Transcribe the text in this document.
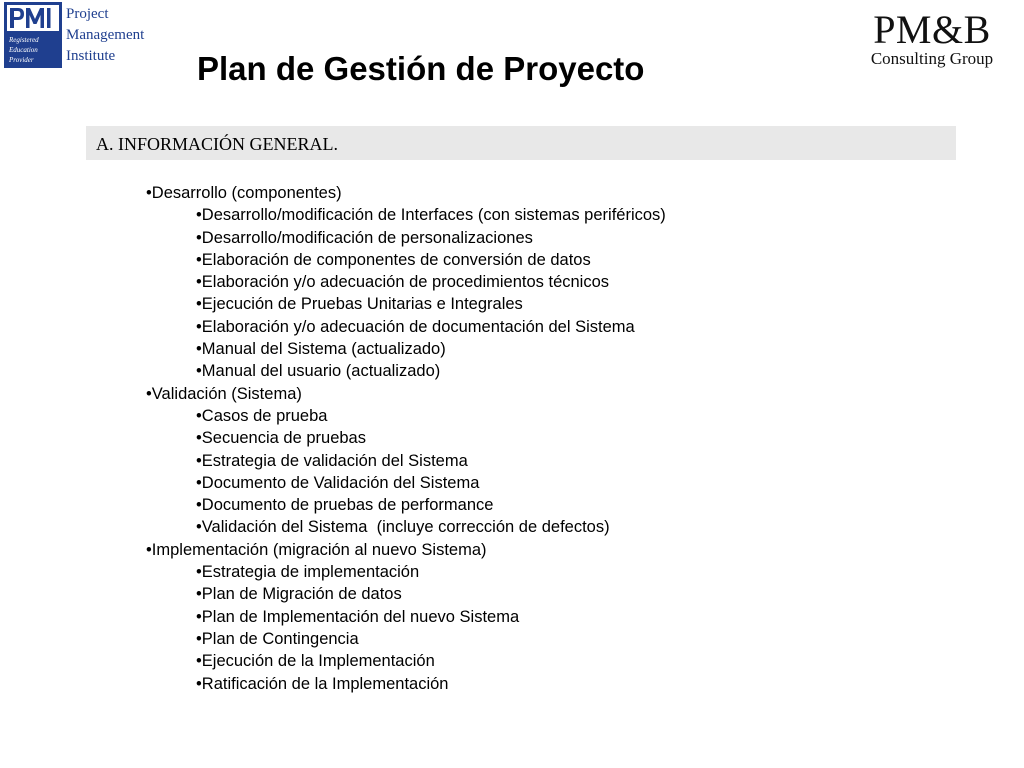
Registered
Education
Provider
Project
Management
Institute
PM&B
Consulting Group
Plan de Gestión de Proyecto
A. INFORMACIÓN GENERAL.
•Desarrollo (componentes)
•Desarrollo/modificación de Interfaces (con sistemas periféricos)
•Desarrollo/modificación de personalizaciones
•Elaboración de componentes de conversión de datos
•Elaboración y/o adecuación de procedimientos técnicos
•Ejecución de Pruebas Unitarias e Integrales
•Elaboración y/o adecuación de documentación del Sistema
•Manual del Sistema (actualizado)
•Manual del usuario (actualizado)
•Validación (Sistema)
•Casos de prueba
•Secuencia de pruebas
•Estrategia de validación del Sistema
•Documento de Validación del Sistema
•Documento de pruebas de performance
•Validación del Sistema  (incluye corrección de defectos)
•Implementación (migración al nuevo Sistema)
•Estrategia de implementación
•Plan de Migración de datos
•Plan de Implementación del nuevo Sistema
•Plan de Contingencia
•Ejecución de la Implementación
•Ratificación de la Implementación
